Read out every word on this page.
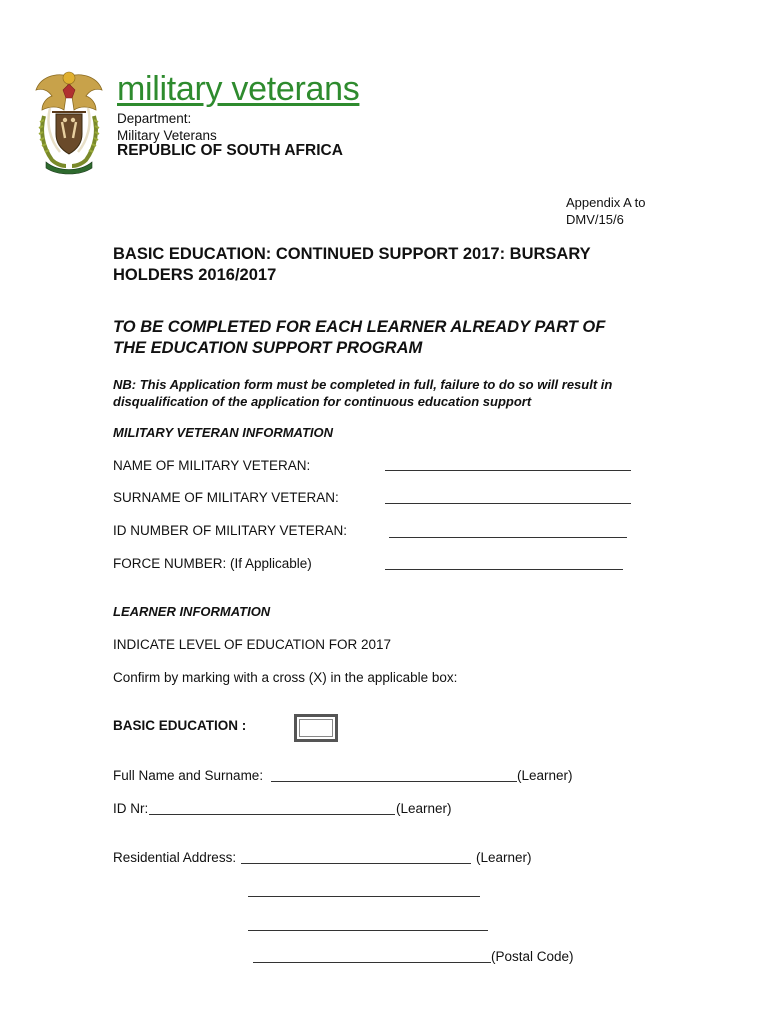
military veterans
Department:
Military Veterans
REPUBLIC OF SOUTH AFRICA
Appendix A to
DMV/15/6
BASIC EDUCATION: CONTINUED SUPPORT 2017: BURSARY
HOLDERS 2016/2017
TO BE COMPLETED FOR EACH LEARNER ALREADY PART OF
THE EDUCATION SUPPORT PROGRAM
NB: This Application form must be completed in full, failure to do so will result in
disqualification of the application for continuous education support
MILITARY VETERAN INFORMATION
NAME OF MILITARY VETERAN:
SURNAME OF MILITARY VETERAN:
ID NUMBER OF MILITARY VETERAN:
FORCE NUMBER: (If Applicable)
LEARNER INFORMATION
INDICATE LEVEL OF EDUCATION FOR 2017
Confirm by marking with a cross (X) in the applicable box:
BASIC EDUCATION :
Full Name and Surname:	(Learner)
ID Nr:	(Learner)
Residential Address:	(Learner)
(Postal Code)
